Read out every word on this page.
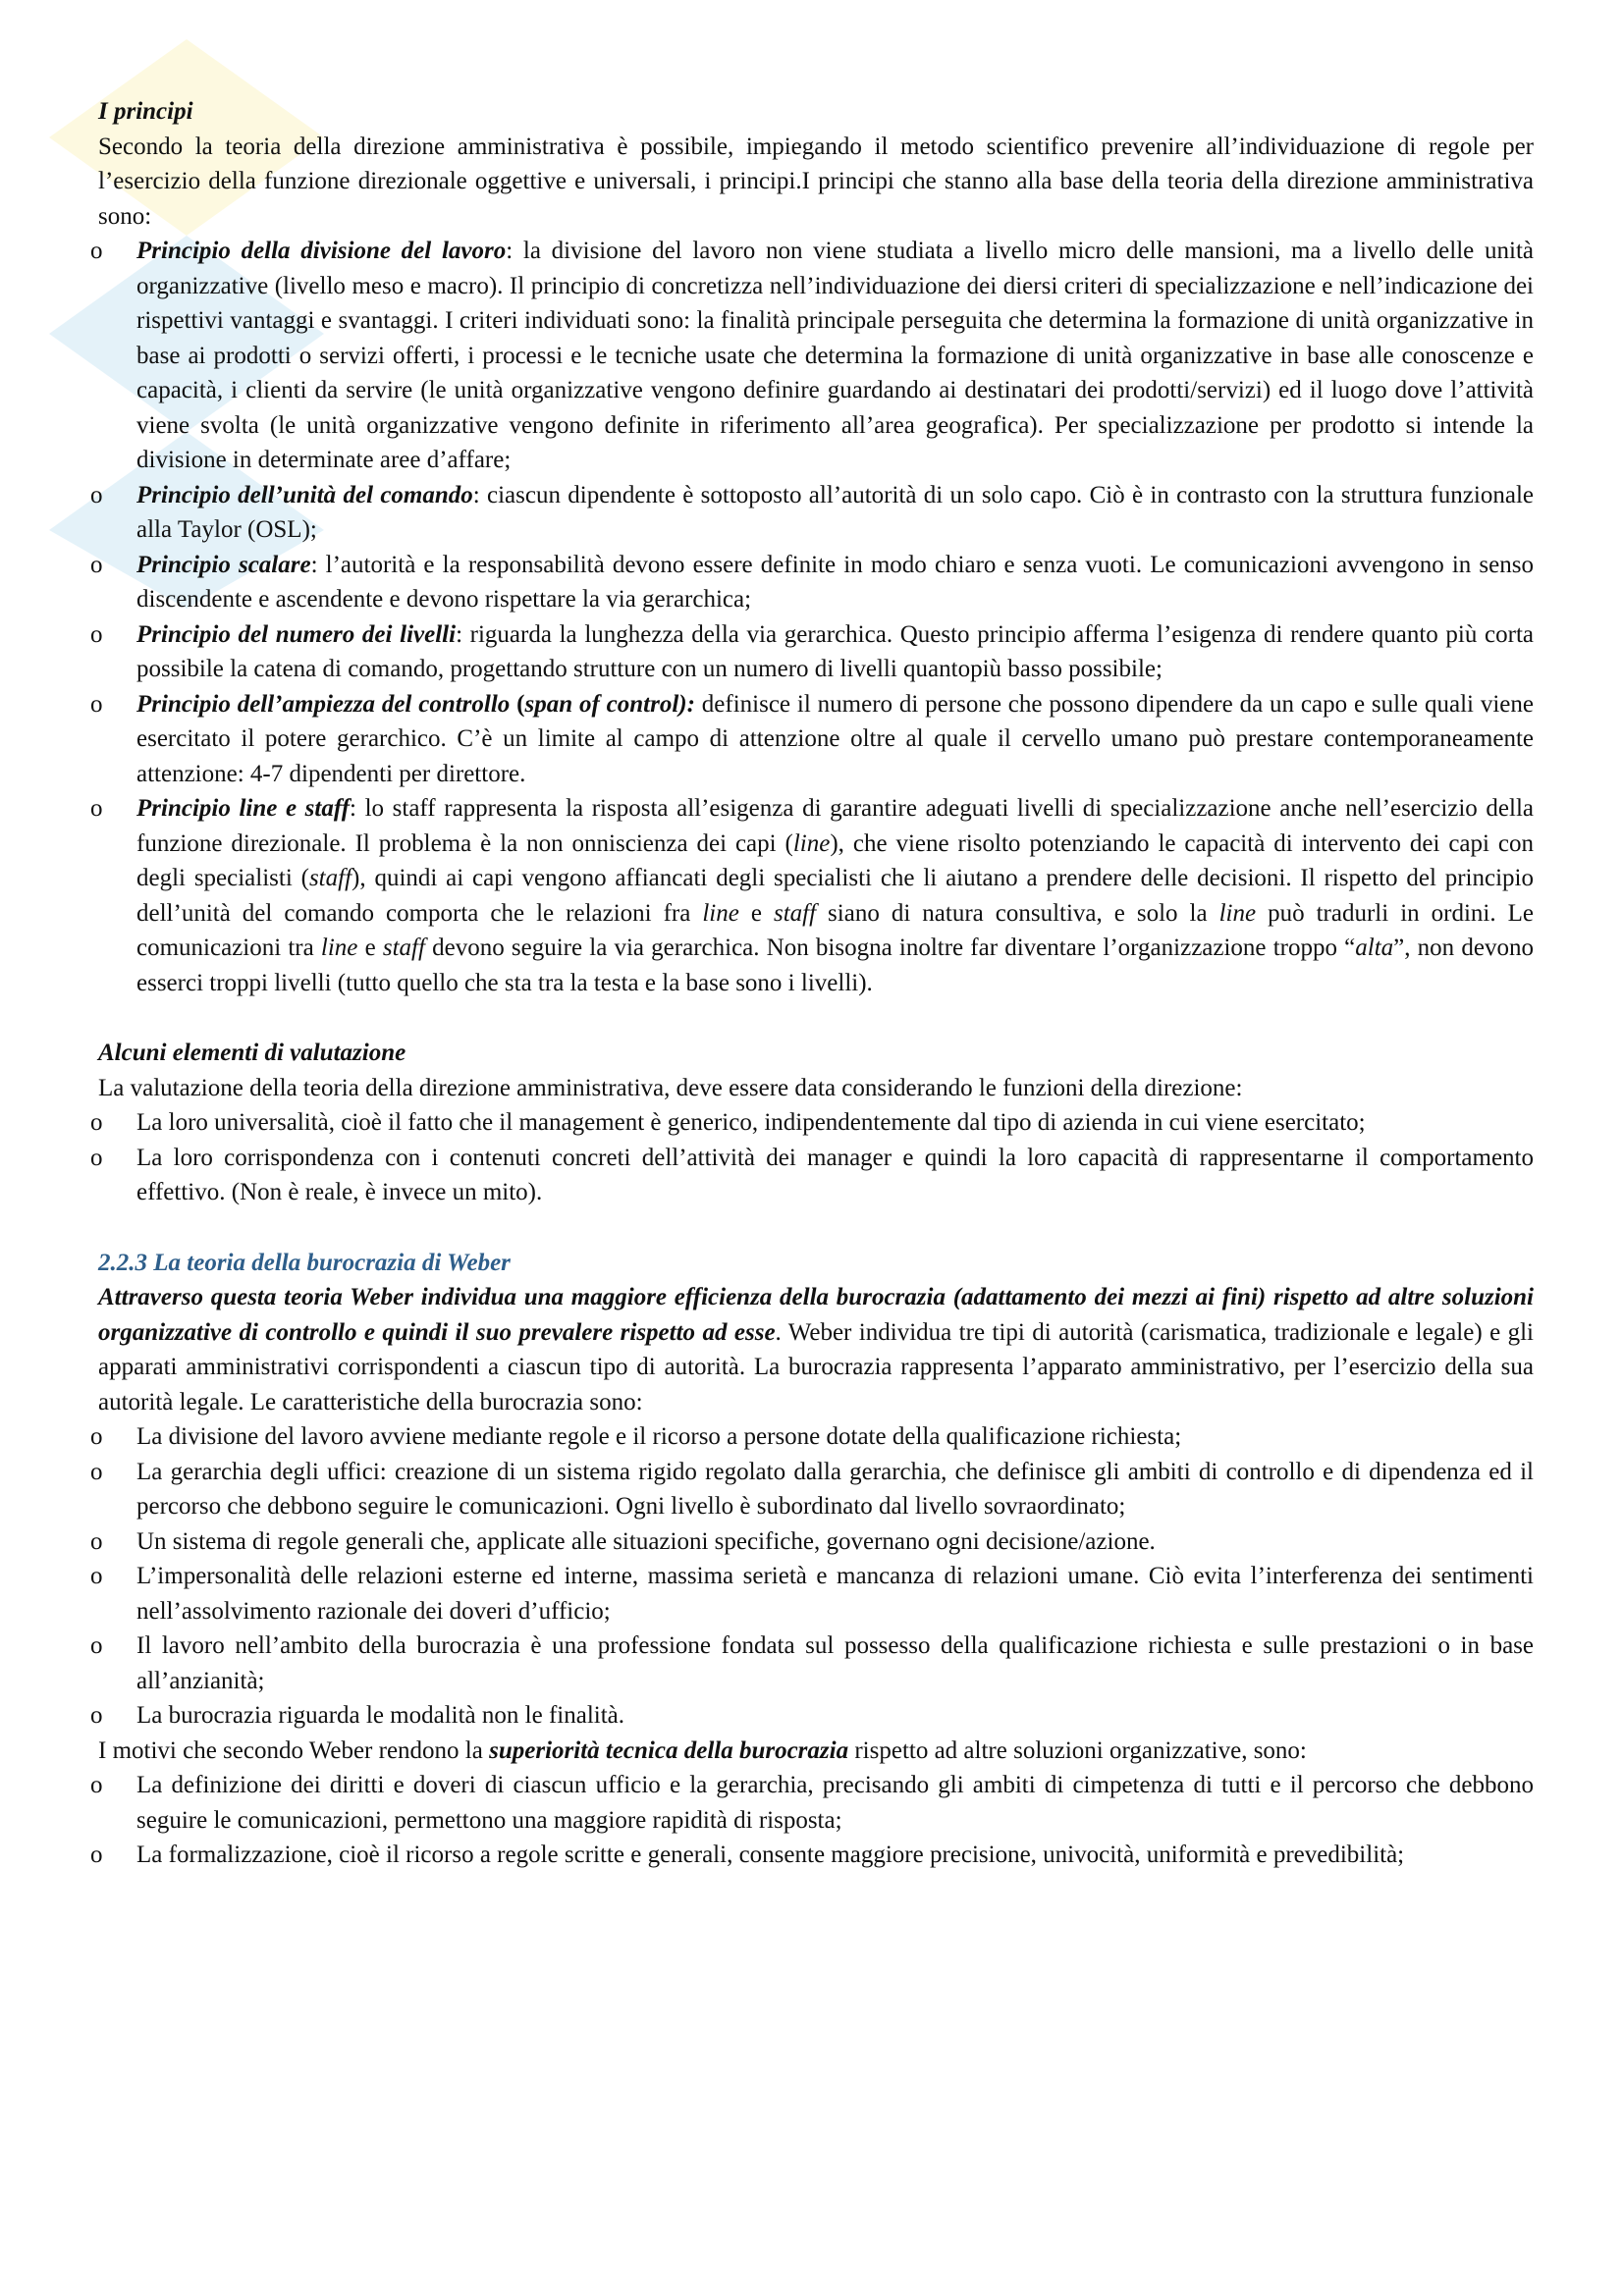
I principi

Secondo la teoria della direzione amministrativa è possibile, impiegando il metodo scientifico prevenire all’individuazione di regole per l’esercizio della funzione direzionale oggettive e universali, i principi.I principi che stanno alla base della teoria della direzione amministrativa sono:

o	Principio della divisione del lavoro: la divisione del lavoro non viene studiata a livello micro delle mansioni, ma a livello delle unità organizzative (livello meso e macro). Il principio di concretizza nell’individuazione dei diersi criteri di specializzazione e nell’indicazione dei rispettivi vantaggi e svantaggi. I criteri individuati sono: la finalità principale perseguita che determina la formazione di unità organizzative in base ai prodotti o servizi offerti, i processi e le tecniche usate che determina la formazione di unità organizzative in base alle conoscenze e capacità, i clienti da servire (le unità organizzative vengono definire guardando ai destinatari dei prodotti/servizi) ed il luogo dove l’attività viene svolta (le unità organizzative vengono definite in riferimento all’area geografica). Per specializzazione per prodotto si intende la divisione in determinate aree d’affare;
o	Principio dell’unità del comando: ciascun dipendente è sottoposto all’autorità di un solo capo. Ciò è in contrasto con la struttura funzionale alla Taylor (OSL);
o	Principio scalare: l’autorità e la responsabilità devono essere definite in modo chiaro e senza vuoti. Le comunicazioni avvengono in senso discendente e ascendente e devono rispettare la via gerarchica;
o	Principio del numero dei livelli: riguarda la lunghezza della via gerarchica. Questo principio afferma l’esigenza di rendere quanto più corta possibile la catena di comando, progettando strutture con un numero di livelli quantopiù basso possibile;
o	Principio dell’ampiezza del controllo (span of control): definisce il numero di persone che possono dipendere da un capo e sulle quali viene esercitato il potere gerarchico. C’è un limite al campo di attenzione oltre al quale il cervello umano può prestare contemporaneamente attenzione: 4-7 dipendenti per direttore.
o	Principio line e staff: lo staff rappresenta la risposta all’esigenza di garantire adeguati livelli di specializzazione anche nell’esercizio della funzione direzionale. Il problema è la non onniscienza dei capi (line), che viene risolto potenziando le capacità di intervento dei capi con degli specialisti (staff), quindi ai capi vengono affiancati degli specialisti che li aiutano a prendere delle decisioni. Il rispetto del principio dell’unità del comando comporta che le relazioni fra line e staff siano di natura consultiva, e solo la line può tradurli in ordini. Le comunicazioni tra line e staff devono seguire la via gerarchica. Non bisogna inoltre far diventare l’organizzazione troppo “alta”, non devono esserci troppi livelli (tutto quello che sta tra la testa e la base sono i livelli).

Alcuni elementi di valutazione

La valutazione della teoria della direzione amministrativa, deve essere data considerando le funzioni della direzione:

o	La loro universalità, cioè il fatto che il management è generico, indipendentemente dal tipo di azienda in cui viene esercitato;
o	La loro corrispondenza con i contenuti concreti dell’attività dei manager e quindi la loro capacità di rappresentarne il comportamento effettivo. (Non è reale, è invece un mito).

2.2.3 La teoria della burocrazia di Weber

Attraverso questa teoria Weber individua una maggiore efficienza della burocrazia (adattamento dei mezzi ai fini) rispetto ad altre soluzioni organizzative di controllo e quindi il suo prevalere rispetto ad esse. Weber individua tre tipi di autorità (carismatica, tradizionale e legale) e gli apparati amministrativi corrispondenti a ciascun tipo di autorità. La burocrazia rappresenta l’apparato amministrativo, per l’esercizio della sua autorità legale. Le caratteristiche della burocrazia sono:

o	La divisione del lavoro avviene mediante regole e il ricorso a persone dotate della qualificazione richiesta;
o	La gerarchia degli uffici: creazione di un sistema rigido regolato dalla gerarchia, che definisce gli ambiti di controllo e di dipendenza ed il percorso che debbono seguire le comunicazioni. Ogni livello è subordinato dal livello sovraordinato;
o	Un sistema di regole generali che, applicate alle situazioni specifiche, governano ogni decisione/azione.
o	L’impersonalità delle relazioni esterne ed interne, massima serietà e mancanza di relazioni umane. Ciò evita l’interferenza dei sentimenti nell’assolvimento razionale dei doveri d’ufficio;
o	Il lavoro nell’ambito della burocrazia è una professione fondata sul possesso della qualificazione richiesta e sulle prestazioni o in base all’anzianità;
o	La burocrazia riguarda le modalità non le finalità.

I motivi che secondo Weber rendono la superiorità tecnica della burocrazia rispetto ad altre soluzioni organizzative, sono:

o	La definizione dei diritti e doveri di ciascun ufficio e la gerarchia, precisando gli ambiti di cimpetenza di tutti e il percorso che debbono seguire le comunicazioni, permettono una maggiore rapidità di risposta;
o	La formalizzazione, cioè il ricorso a regole scritte e generali, consente maggiore precisione, univocità, uniformità e prevedibilità;
